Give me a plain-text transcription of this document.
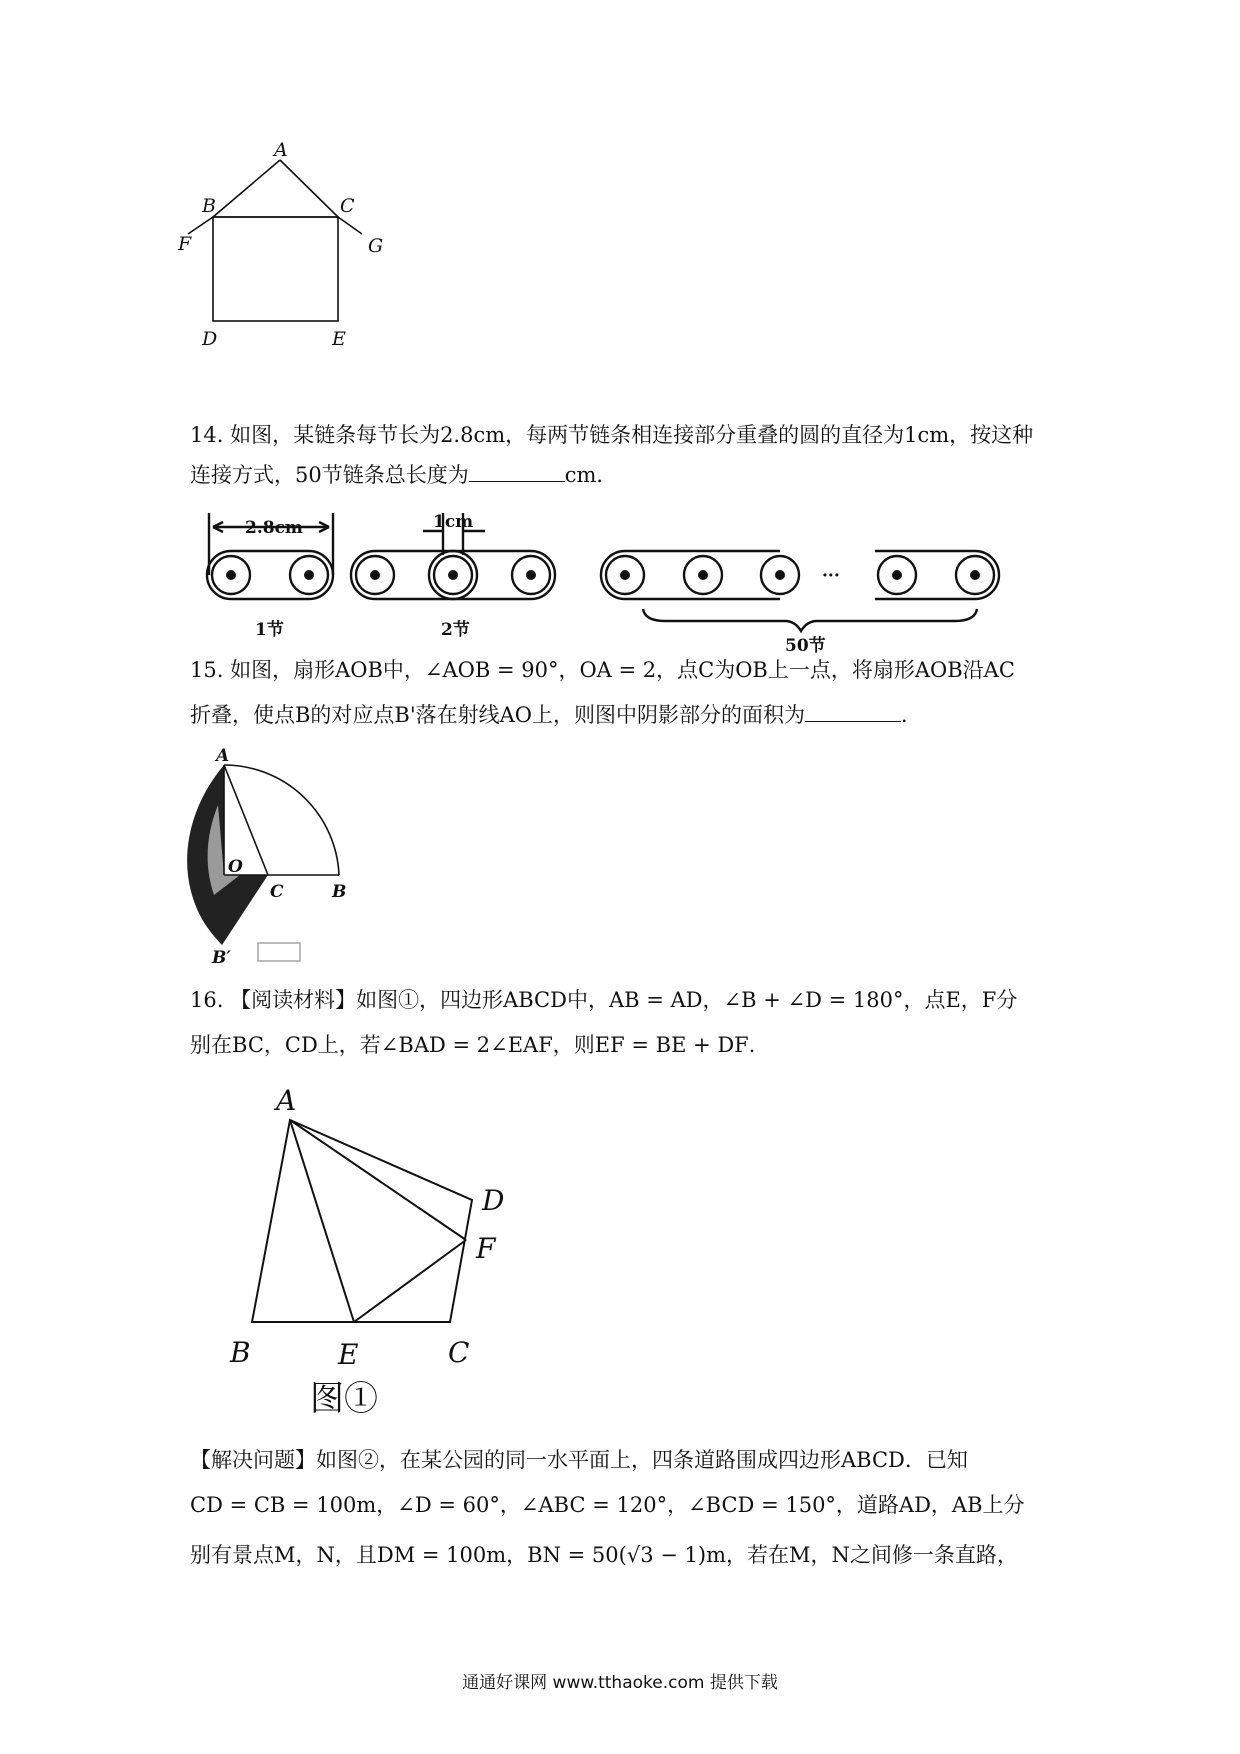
A
B	C
F	G
D	E
14. 如图，某链条每节长为2.8cm，每两节链条相连接部分重叠的圆的直径为1cm，按这种
连接方式，50节链条总长度为	cm．
2.8cm	1cm
···
1节	2节
50节
15. 如图，扇形AOB中，∠AOB = 90°，OA = 2，点C为OB上一点，将扇形AOB沿AC
折叠，使点B的对应点B'落在射线AO上，则图中阴影部分的面积为	．
A
O
C	B
B′
16. 【阅读材料】如图①，四边形ABCD中，AB = AD，∠B + ∠D = 180°，点E，F分
别在BC，CD上，若∠BAD = 2∠EAF，则EF = BE + DF．
A
D
F
B	E	C
图①
【解决问题】如图②，在某公园的同一水平面上，四条道路围成四边形ABCD．已知
CD = CB = 100m，∠D = 60°，∠ABC = 120°，∠BCD = 150°，道路AD，AB上分
别有景点M，N，且DM = 100m，BN = 50(√3 − 1)m，若在M，N之间修一条直路，
通通好课网 www.tthaoke.com 提供下载
